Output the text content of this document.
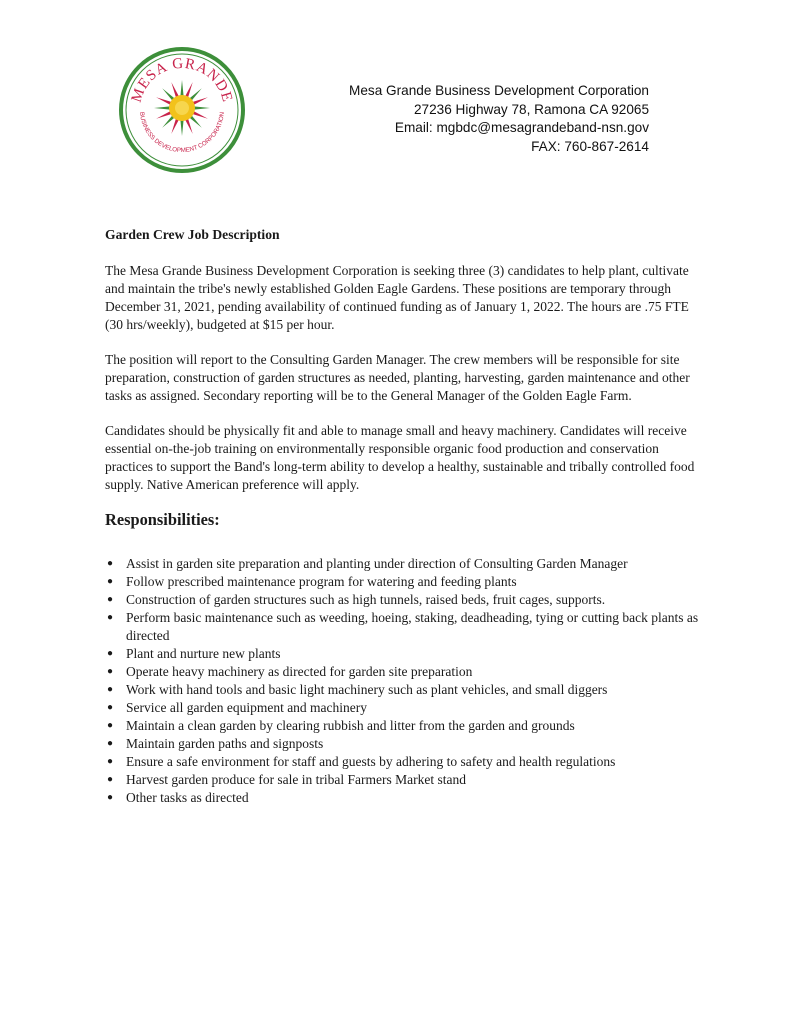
MESA GRANDE
BUSINESS DEVELOPMENT CORPORATION
Mesa Grande Business Development Corporation
27236 Highway 78, Ramona CA 92065
Email: mgbdc@mesagrandeband-nsn.gov
FAX: 760-867-2614
Garden Crew Job Description

The Mesa Grande Business Development Corporation is seeking three (3) candidates to help plant, cultivate and maintain the tribe's newly established Golden Eagle Gardens. These positions are temporary through December 31, 2021, pending availability of continued funding as of January 1, 2022. The hours are .75 FTE (30 hrs/weekly), budgeted at $15 per hour.

The position will report to the Consulting Garden Manager. The crew members will be responsible for site preparation, construction of garden structures as needed, planting, harvesting, garden maintenance and other tasks as assigned. Secondary reporting will be to the General Manager of the Golden Eagle Farm.

Candidates should be physically fit and able to manage small and heavy machinery. Candidates will receive essential on-the-job training on environmentally responsible organic food production and conservation practices to support the Band's long-term ability to develop a healthy, sustainable and tribally controlled food supply. Native American preference will apply.

Responsibilities:
● Assist in garden site preparation and planting under direction of Consulting Garden Manager
● Follow prescribed maintenance program for watering and feeding plants
● Construction of garden structures such as high tunnels, raised beds, fruit cages, supports.
● Perform basic maintenance such as weeding, hoeing, staking, deadheading, tying or cutting back plants as directed
● Plant and nurture new plants
● Operate heavy machinery as directed for garden site preparation
● Work with hand tools and basic light machinery such as plant vehicles, and small diggers
● Service all garden equipment and machinery
● Maintain a clean garden by clearing rubbish and litter from the garden and grounds
● Maintain garden paths and signposts
● Ensure a safe environment for staff and guests by adhering to safety and health regulations
● Harvest garden produce for sale in tribal Farmers Market stand
● Other tasks as directed
